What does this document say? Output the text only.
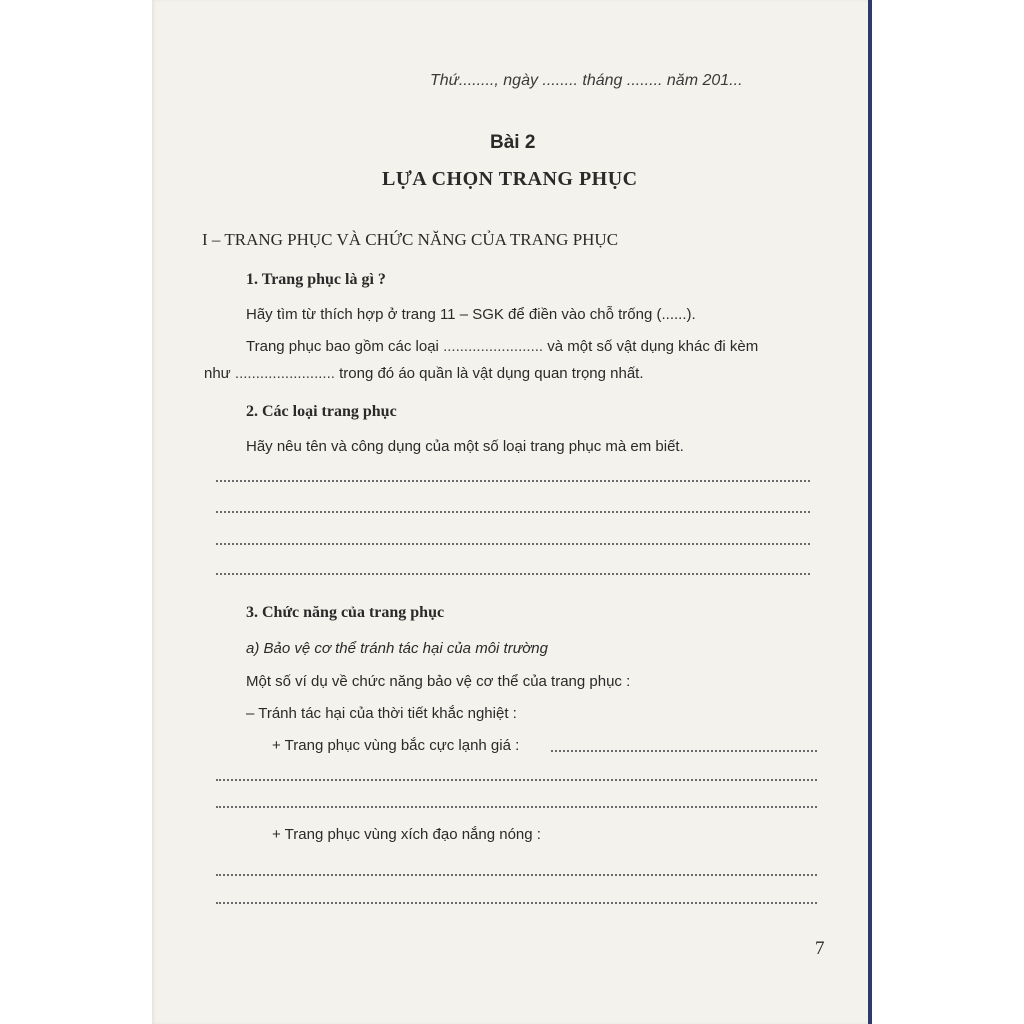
Thứ........, ngày ........ tháng ........ năm 201...
Bài 2
LỰA CHỌN TRANG PHỤC
I – TRANG PHỤC VÀ CHỨC NĂNG CỦA TRANG PHỤC
1. Trang phục là gì ?
Hãy tìm từ thích hợp ở trang 11 – SGK để điền vào chỗ trống (......).
Trang phục bao gồm các loại ........................ và một số vật dụng khác đi kèm
như ........................ trong đó áo quần là vật dụng quan trọng nhất.
2. Các loại trang phục
Hãy nêu tên và công dụng của một số loại trang phục mà em biết.
3. Chức năng của trang phục
a) Bảo vệ cơ thể tránh tác hại của môi trường
Một số ví dụ về chức năng bảo vệ cơ thể của trang phục :
– Tránh tác hại của thời tiết khắc nghiệt :
+ Trang phục vùng bắc cực lạnh giá :
+ Trang phục vùng xích đạo nắng nóng :
7
